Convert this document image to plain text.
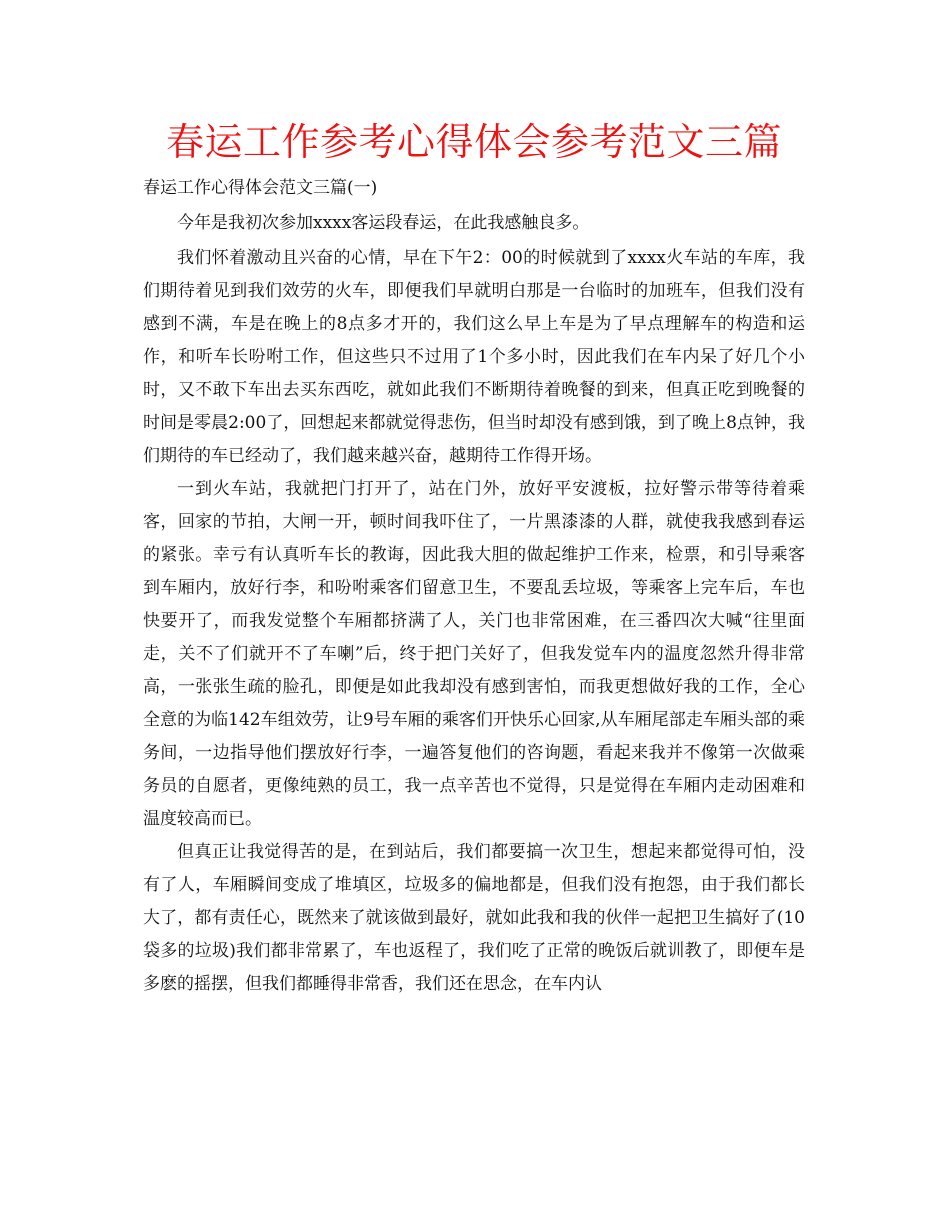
春运工作参考心得体会参考范文三篇

春运工作心得体会范文三篇(一)

今年是我初次参加xxxx客运段春运，在此我感触良多。

我们怀着激动且兴奋的心情，早在下午2：00的时候就到了xxxx火车站的车库，我们期待着见到我们效劳的火车，即便我们早就明白那是一台临时的加班车，但我们没有感到不满，车是在晚上的8点多才开的，我们这么早上车是为了早点理解车的构造和运作，和听车长吩咐工作，但这些只不过用了1个多小时，因此我们在车内呆了好几个小时，又不敢下车出去买东西吃，就如此我们不断期待着晚餐的到来，但真正吃到晚餐的时间是零晨2:00了，回想起来都就觉得悲伤，但当时却没有感到饿，到了晚上8点钟，我们期待的车已经动了，我们越来越兴奋，越期待工作得开场。

一到火车站，我就把门打开了，站在门外，放好平安渡板，拉好警示带等待着乘客，回家的节拍，大闸一开，顿时间我吓住了，一片黑漆漆的人群，就使我我感到春运的紧张。幸亏有认真听车长的教诲，因此我大胆的做起维护工作来，检票，和引导乘客到车厢内，放好行李，和吩咐乘客们留意卫生，不要乱丢垃圾，等乘客上完车后，车也快要开了，而我发觉整个车厢都挤满了人，关门也非常困难，在三番四次大喊“往里面走，关不了们就开不了车喇”后，终于把门关好了，但我发觉车内的温度忽然升得非常高，一张张生疏的脸孔，即便是如此我却没有感到害怕，而我更想做好我的工作，全心全意的为临142车组效劳，让9号车厢的乘客们开快乐心回家,从车厢尾部走车厢头部的乘务间，一边指导他们摆放好行李，一遍答复他们的咨询题，看起来我并不像第一次做乘务员的自愿者，更像纯熟的员工，我一点辛苦也不觉得，只是觉得在车厢内走动困难和温度较高而已。

但真正让我觉得苦的是，在到站后，我们都要搞一次卫生，想起来都觉得可怕，没有了人，车厢瞬间变成了堆填区，垃圾多的偏地都是，但我们没有抱怨，由于我们都长大了，都有责任心，既然来了就该做到最好，就如此我和我的伙伴一起把卫生搞好了(10袋多的垃圾)我们都非常累了，车也返程了，我们吃了正常的晚饭后就训教了，即便车是多麽的摇摆，但我们都睡得非常香，我们还在思念，在车内认
